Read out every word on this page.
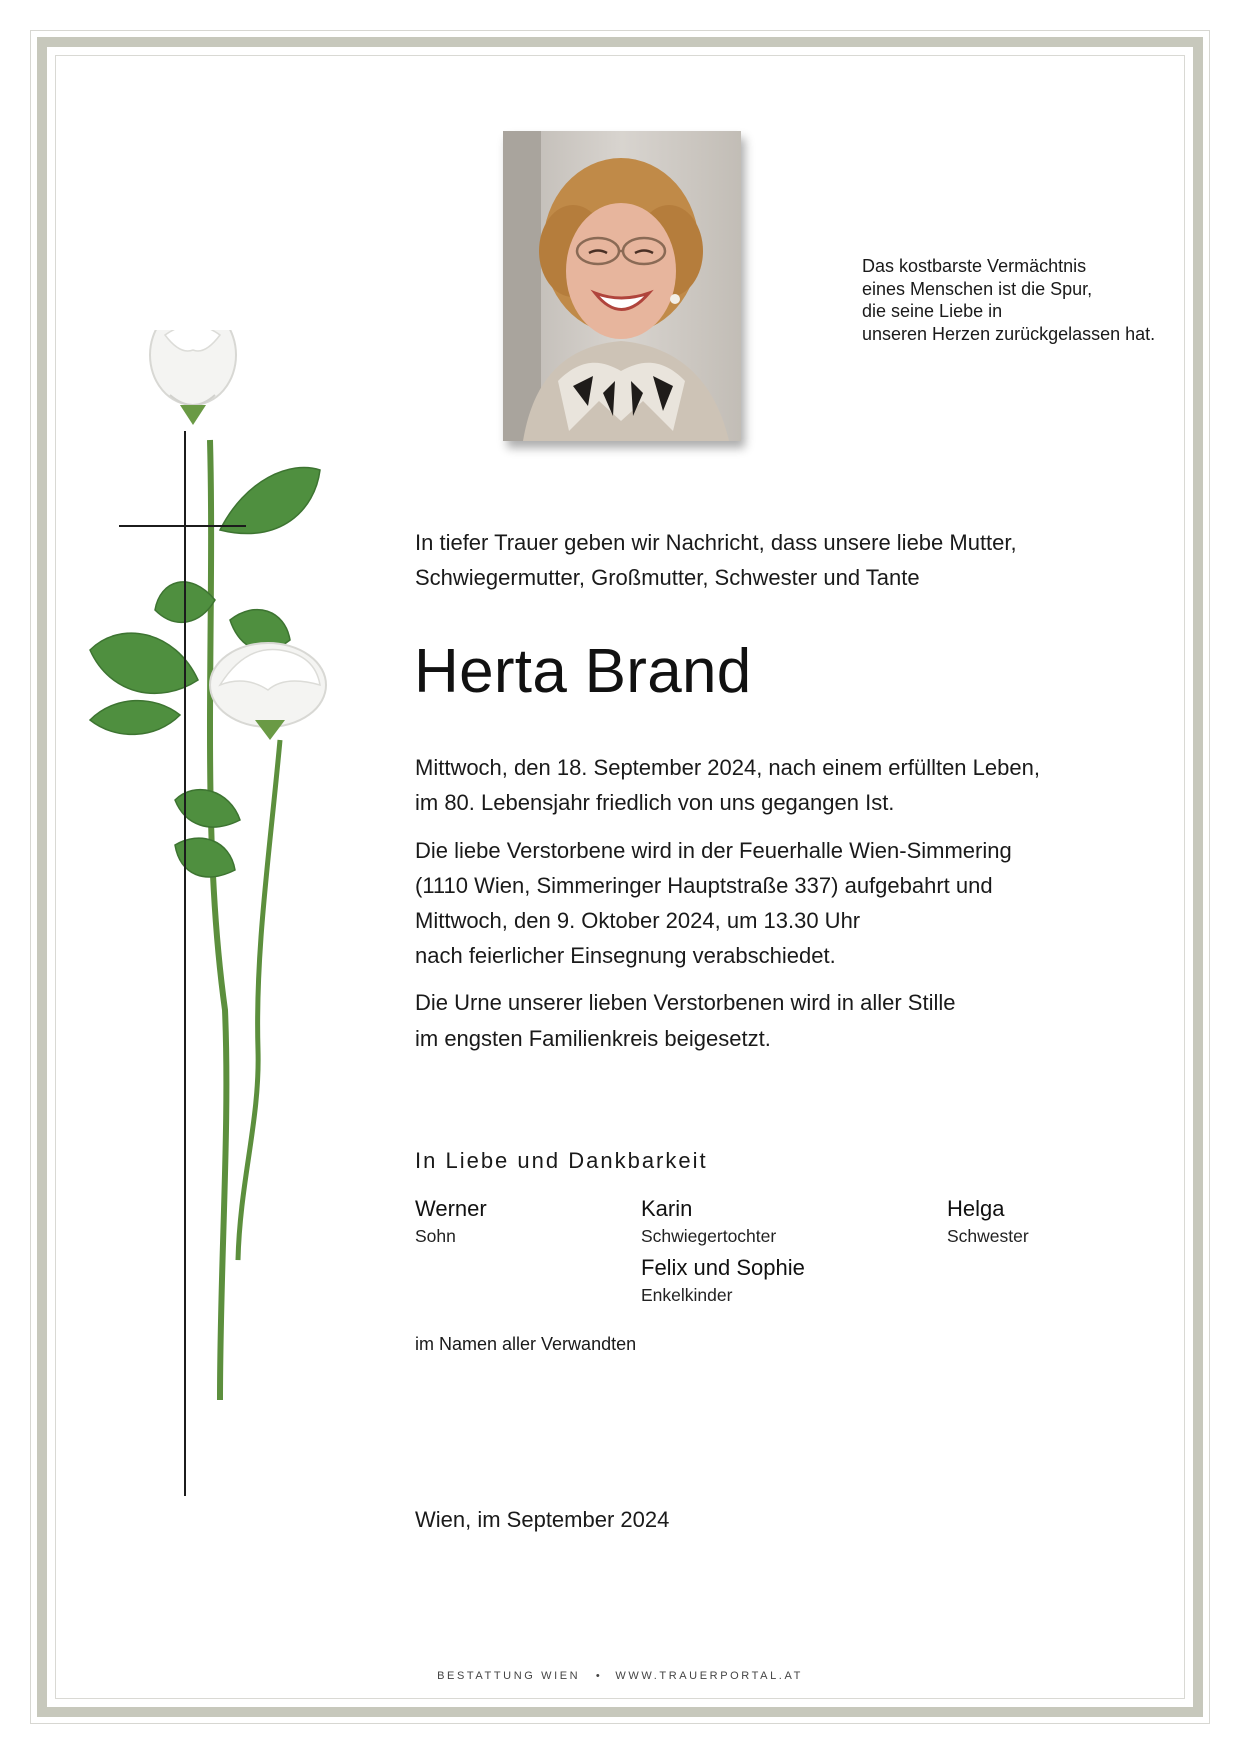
Das kostbarste Vermächtnis
eines Menschen ist die Spur,
die seine Liebe in
unseren Herzen zurückgelassen hat.
In tiefer Trauer geben wir Nachricht, dass unsere liebe Mutter,
Schwiegermutter, Großmutter, Schwester und Tante
Herta Brand
Mittwoch, den 18. September 2024, nach einem erfüllten Leben,
im 80. Lebensjahr friedlich von uns gegangen Ist.
Die liebe Verstorbene wird in der Feuerhalle Wien-Simmering
(1110 Wien, Simmeringer Hauptstraße 337) aufgebahrt und
Mittwoch, den 9. Oktober 2024, um 13.30 Uhr
nach feierlicher Einsegnung verabschiedet.
Die Urne unserer lieben Verstorbenen wird in aller Stille
im engsten Familienkreis beigesetzt.
In Liebe und Dankbarkeit
Werner
Sohn
Karin
Schwiegertochter
Helga
Schwester
Felix und Sophie
Enkelkinder
im Namen aller Verwandten
Wien, im September 2024
BESTATTUNG WIEN • WWW.TRAUERPORTAL.AT
